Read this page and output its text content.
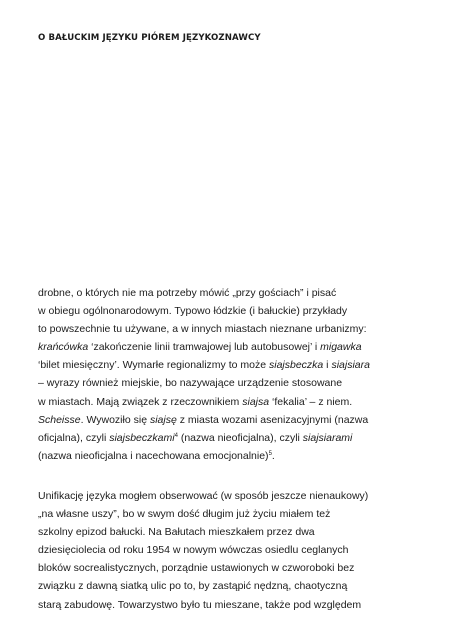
O BAŁUCKIM JĘZYKU PIÓREM JĘZYKOZNAWCY
drobne, o których nie ma potrzeby mówić „przy gościach” i pisać
w obiegu ogólnonarodowym. Typowo łódzkie (i bałuckie) przykłady
to powszechnie tu używane, a w innych miastach nieznane urbanizmy:
krańcówka ‘zakończenie linii tramwajowej lub autobusowej’ i migawka
‘bilet miesięczny’. Wymarłe regionalizmy to może siajsbeczka i siajsiara
– wyrazy również miejskie, bo nazywające urządzenie stosowane
w miastach. Mają związek z rzeczownikiem siajsa ‘fekalia’ – z niem.
Scheisse. Wywoziło się siajsę z miasta wozami asenizacyjnymi (nazwa
oficjalna), czyli siajsbeczkami$^4$ (nazwa nieoficjalna), czyli siajsiarami
(nazwa nieoficjalna i nacechowana emocjonalnie)$^5$.
Unifikację języka mogłem obserwować (w sposób jeszcze nienaukowy)
„na własne uszy”, bo w swym dość długim już życiu miałem też
szkolny epizod bałucki. Na Bałutach mieszkałem przez dwa
dziesięciolecia od roku 1954 w nowym wówczas osiedlu ceglanych
bloków socrealistycznych, porządnie ustawionych w czworoboki bez
związku z dawną siatką ulic po to, by zastąpić nędzną, chaotyczną
starą zabudowę. Towarzystwo było tu mieszane, także pod względem
